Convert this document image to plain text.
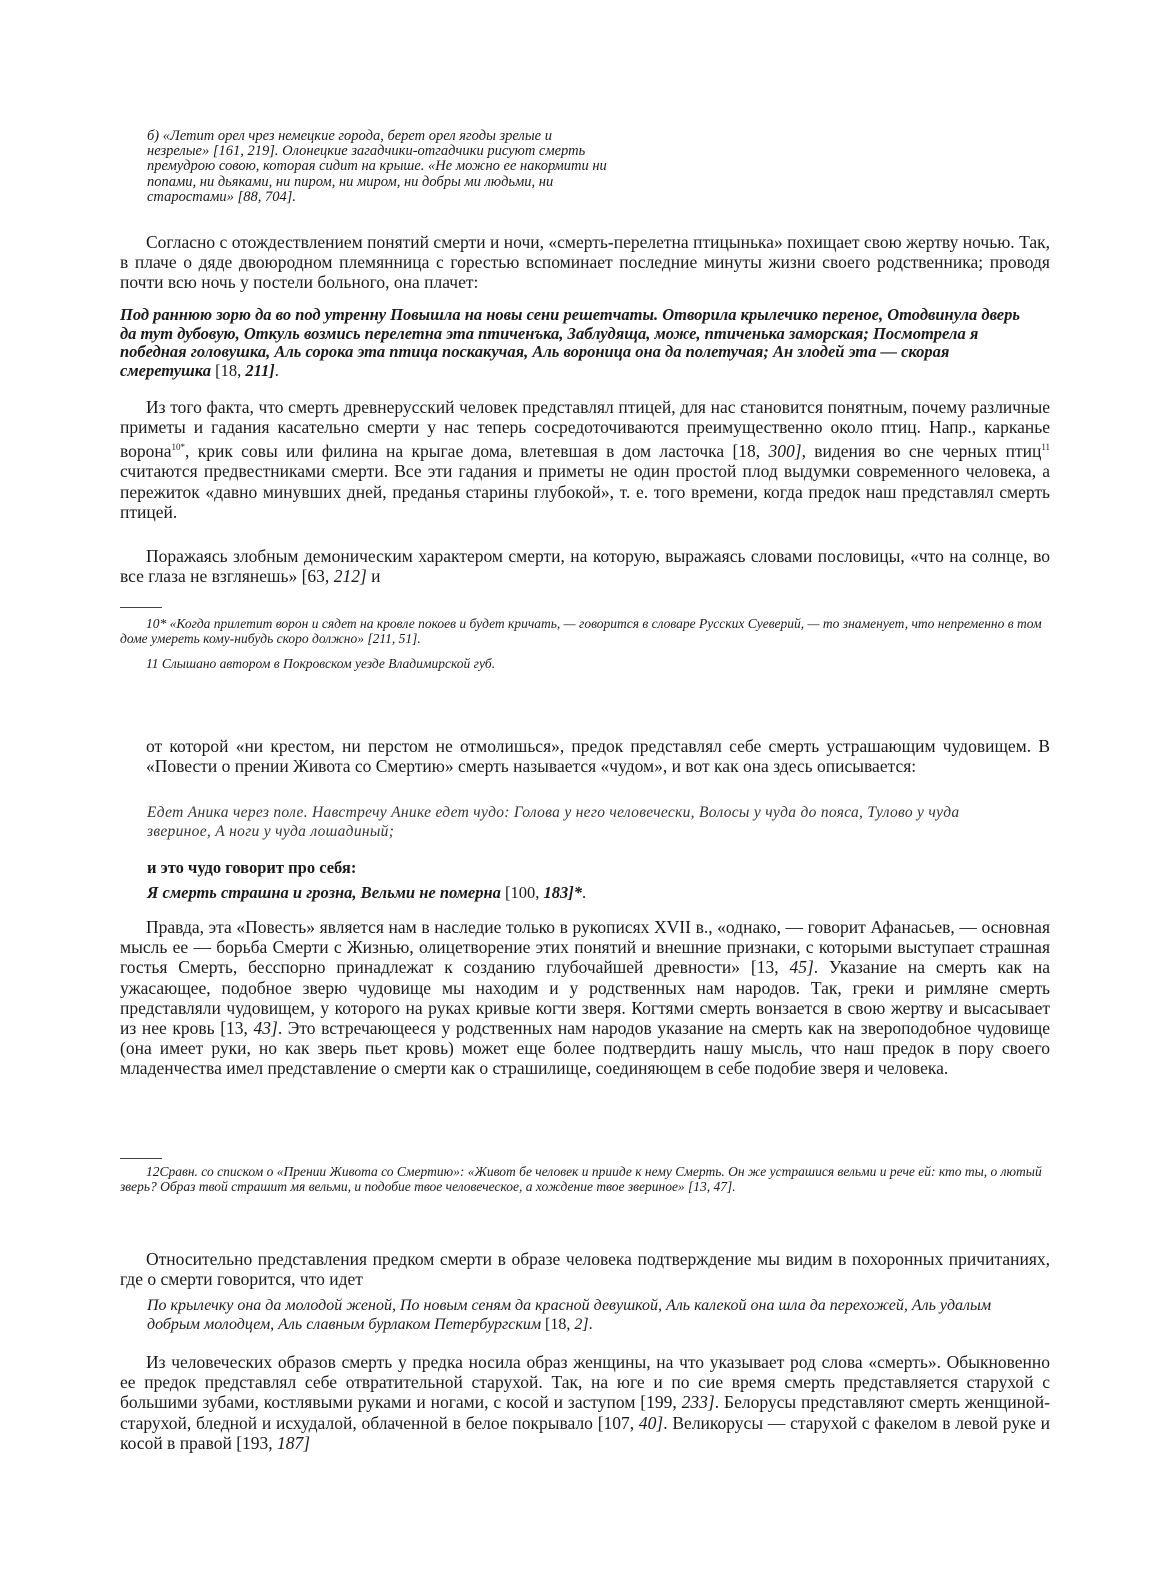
б) «Летит орел чрез немецкие города, берет орел ягоды зрелые и незрелые» [161, 219]. Олонецкие загадчики-отгадчики рисуют смерть премудрою совою, которая сидит на крыше. «Не можно ее накормити ни попами, ни дьяками, ни пиром, ни миром, ни добры ми людьми, ни старостами» [88, 704].

Согласно с отождествлением понятий смерти и ночи, «смерть-перелетна птицынька» похищает свою жертву ночью. Так, в плаче о дяде двоюродном племянница с горестью вспоминает последние минуты жизни своего родственника; проводя почти всю ночь у постели больного, она плачет:

Под раннюю зорю да во под утренну Повышла на новы сени решетчаты. Отворила крылечико переное, Отодвинула дверь да тут дубовую, Откуль возмись перелетна эта птиченъка, Заблудяща, може, птиченька заморская; Посмотрела я победная головушка, Аль сорока эта птица поскакучая, Аль вороница она да полетучая; Ан злодей эта — скорая смеретушка [18, 211].

Из того факта, что смерть древнерусский человек представлял птицей, для нас становится понятным, почему различные приметы и гадания касательно смерти у нас теперь сосредоточиваются преимущественно около птиц. Напр., карканье ворона$^{10*}$, крик совы или филина на крыгае дома, влетевшая в дом ласточка [18, 300], видения во сне черных птиц$^{11}$ считаются предвестниками смерти. Все эти гадания и приметы не один простой плод выдумки современного человека, а пережиток «давно минувших дней, преданья старины глубокой», т. е. того времени, когда предок наш представлял смерть птицей.

Поражаясь злобным демоническим характером смерти, на которую, выражаясь словами пословицы, «что на солнце, во все глаза не взглянешь» [63, 212] и

10* «Когда прилетит ворон и сядет на кровле покоев и будет кричать, — говорится в словаре Русских Суеверий, — то знаменует, что непременно в том доме умереть кому-нибудь скоро должно» [211, 51].

11 Слышано автором в Покровском уезде Владимирской губ.

от которой «ни крестом, ни перстом не отмолишься», предок представлял себе смерть устрашающим чудовищем. В «Повести о прении Живота со Смертию» смерть называется «чудом», и вот как она здесь описывается:

Едет Аника через поле. Навстречу Анике едет чудо: Голова у него человечески, Волосы у чуда до пояса, Тулово у чуда звериное, А ноги у чуда лошадиный;

и это чудо говорит про себя:

Я смерть страшна и грозна, Вельми не померна [100, 183]*.

Правда, эта «Повесть» является нам в наследие только в рукописях XVII в., «однако, — говорит Афанасьев, — основная мысль ее — борьба Смерти с Жизнью, олицетворение этих понятий и внешние признаки, с которыми выступает страшная гостья Смерть, бесспорно принадлежат к созданию глубочайшей древности» [13, 45]. Указание на смерть как на ужасающее, подобное зверю чудовище мы находим и у родственных нам народов. Так, греки и римляне смерть представляли чудовищем, у которого на руках кривые когти зверя. Когтями смерть вонзается в свою жертву и высасывает из нее кровь [13, 43]. Это встречающееся у родственных нам народов указание на смерть как на звероподобное чудовище (она имеет руки, но как зверь пьет кровь) может еще более подтвердить нашу мысль, что наш предок в пору своего младенчества имел представление о смерти как о страшилище, соединяющем в себе подобие зверя и человека.

12Сравн. со списком о «Прении Живота со Смертию»: «Живот бе человек и прииде к нему Смерть. Он же устрашися вельми и рече ей: кто ты, о лютый зверь? Образ твой страшит мя вельми, и подобие твое человеческое, а хождение твое звериное» [13, 47].

Относительно представления предком смерти в образе человека подтверждение мы видим в похоронных причитаниях, где о смерти говорится, что идет

По крылечку она да молодой женой, По новым сеням да красной девушкой, Аль калекой она шла да перехожей, Аль удалым добрым молодцем, Аль славным бурлаком Петербургским [18, 2].

Из человеческих образов смерть у предка носила образ женщины, на что указывает род слова «смерть». Обыкновенно ее предок представлял себе отвратительной старухой. Так, на юге и по сие время смерть представляется старухой с большими зубами, костлявыми руками и ногами, с косой и заступом [199, 233]. Белорусы представляют смерть женщиной-старухой, бледной и исхудалой, облаченной в белое покрывало [107, 40]. Великорусы — старухой с факелом в левой руке и косой в правой [193, 187]
